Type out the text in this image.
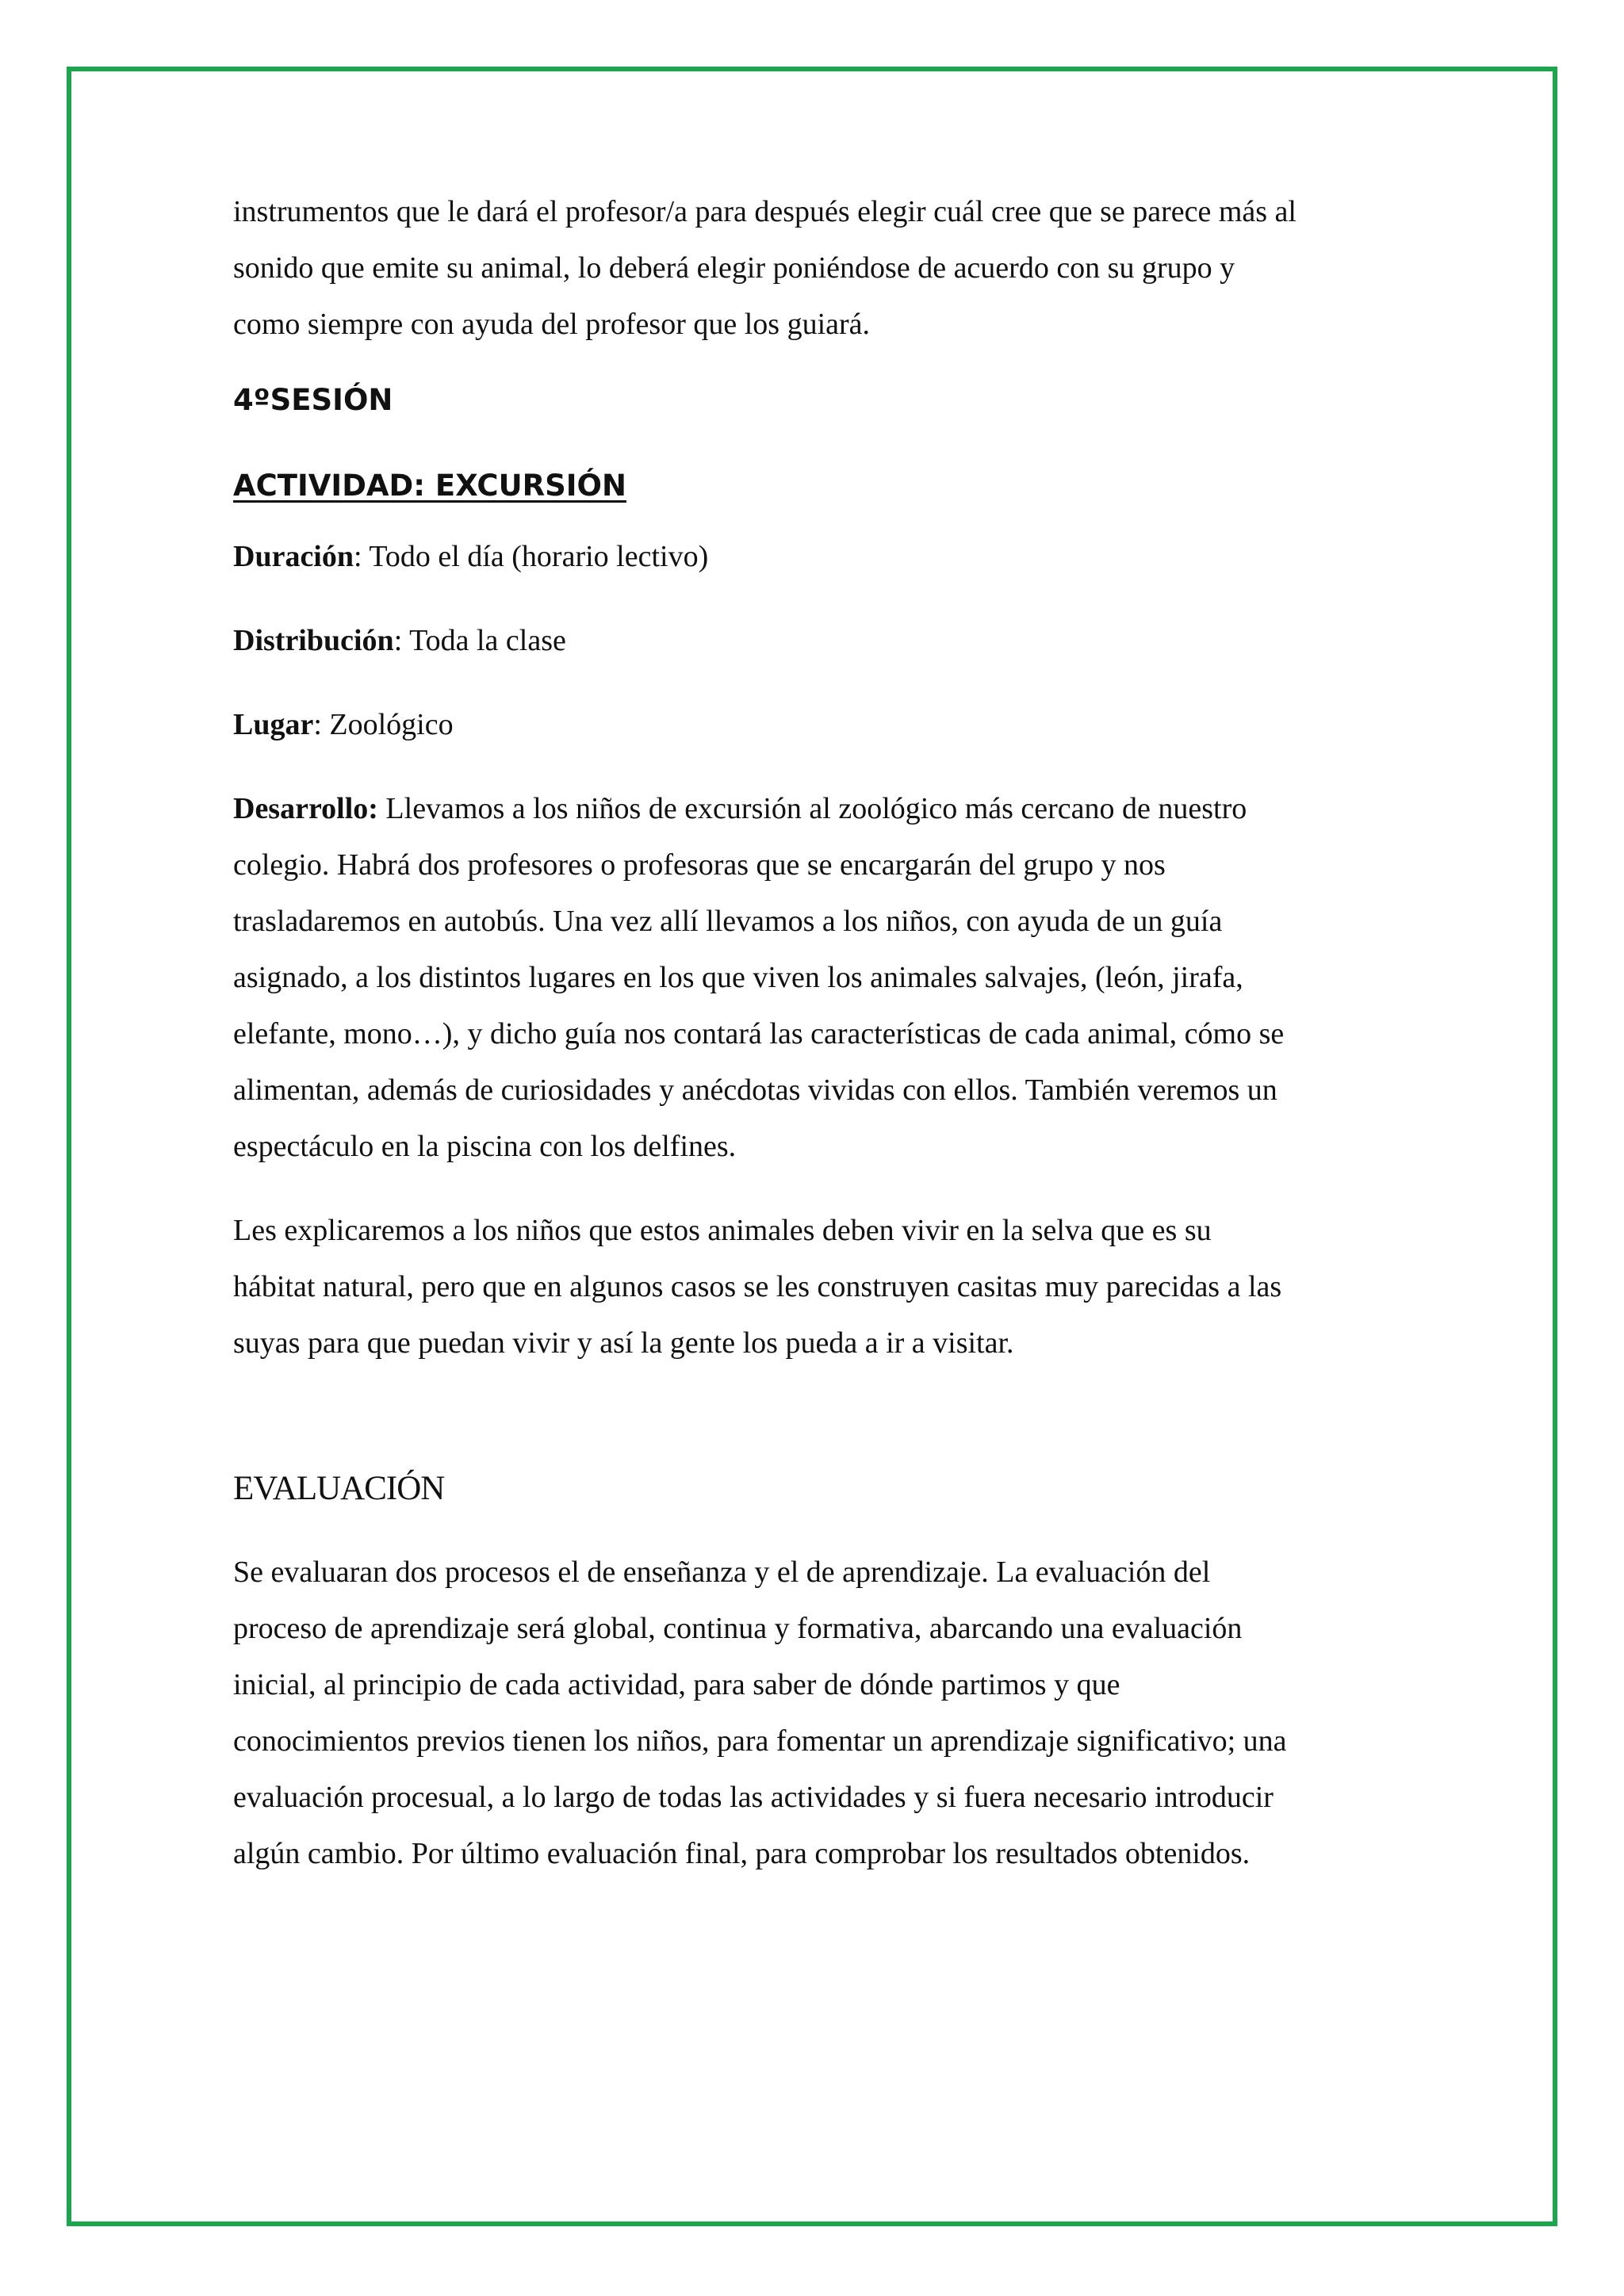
instrumentos que le dará el profesor/a para después elegir cuál cree que se parece más al

sonido que emite su animal, lo deberá elegir poniéndose de acuerdo con su grupo y

como siempre con ayuda del profesor que los guiará.

4ºSESIÓN
ACTIVIDAD: EXCURSIÓN

Duración: Todo el día (horario lectivo)

Distribución: Toda la clase

Lugar: Zoológico

Desarrollo: Llevamos a los niños de excursión al zoológico más cercano de nuestro

colegio. Habrá dos profesores o profesoras que se encargarán del grupo y nos

trasladaremos en autobús. Una vez allí llevamos a los niños, con ayuda de un guía

asignado, a los distintos lugares en los que viven los animales salvajes, (león, jirafa,

elefante, mono…), y dicho guía nos contará las características de cada animal, cómo se

alimentan, además de curiosidades y anécdotas vividas con ellos. También veremos un

espectáculo en la piscina con los delfines.

Les explicaremos a los niños que estos animales deben vivir en la selva que es su

hábitat natural, pero que en algunos casos se les construyen casitas muy parecidas a las

suyas para que puedan vivir y así la gente los pueda a ir a visitar.

EVALUACIÓN

Se evaluaran dos procesos el de enseñanza y el de aprendizaje. La evaluación del

proceso de aprendizaje será global, continua y formativa, abarcando una evaluación

inicial, al principio de cada actividad, para saber de dónde partimos y que

conocimientos previos tienen los niños, para fomentar un aprendizaje significativo; una

evaluación procesual, a lo largo de todas las actividades y si fuera necesario introducir

algún cambio. Por último evaluación final, para comprobar los resultados obtenidos.
